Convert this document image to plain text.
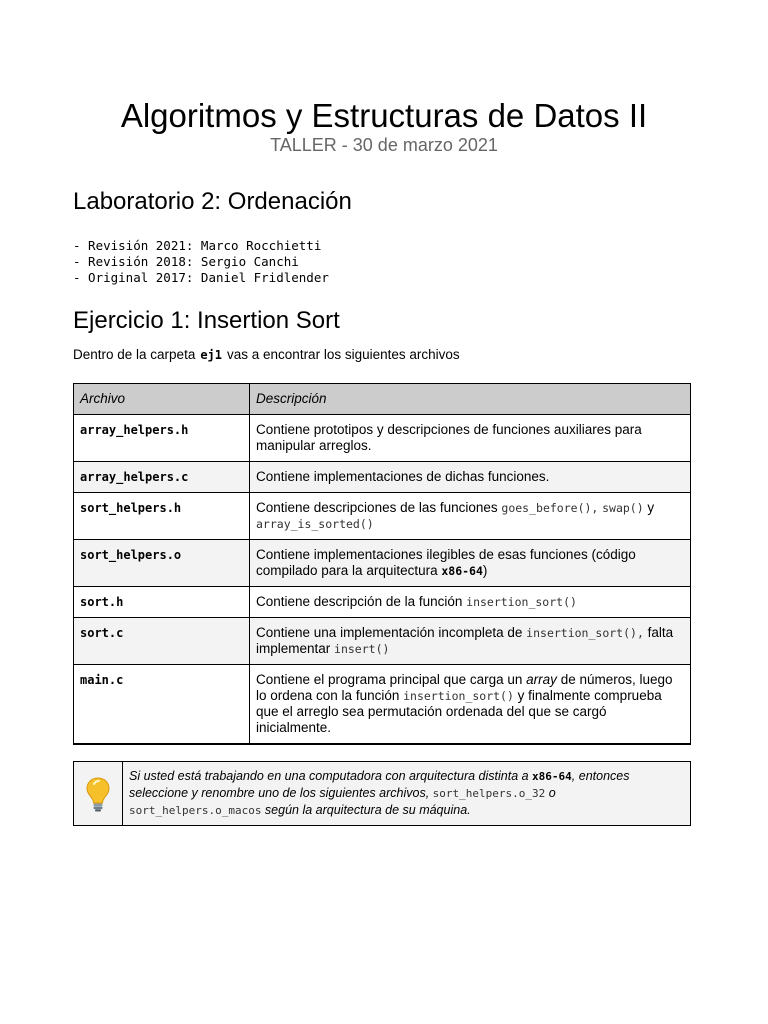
Algoritmos y Estructuras de Datos II
TALLER - 30 de marzo 2021
Laboratorio 2: Ordenación
- Revisión 2021: Marco Rocchietti
- Revisión 2018: Sergio Canchi
- Original 2017: Daniel Fridlender
Ejercicio 1: Insertion Sort
Dentro de la carpeta ej1 vas a encontrar los siguientes archivos
Archivo	Descripción
array_helpers.h	Contiene prototipos y descripciones de funciones auxiliares para manipular arreglos.
array_helpers.c	Contiene implementaciones de dichas funciones.
sort_helpers.h	Contiene descripciones de las funciones goes_before(), swap() y array_is_sorted()
sort_helpers.o	Contiene implementaciones ilegibles de esas funciones (código compilado para la arquitectura x86-64)
sort.h	Contiene descripción de la función insertion_sort()
sort.c	Contiene una implementación incompleta de insertion_sort(), falta implementar insert()
main.c	Contiene el programa principal que carga un array de números, luego lo ordena con la función insertion_sort() y finalmente comprueba que el arreglo sea permutación ordenada del que se cargó inicialmente.
Si usted está trabajando en una computadora con arquitectura distinta a x86-64, entonces seleccione y renombre uno de los siguientes archivos, sort_helpers.o_32 o sort_helpers.o_macos según la arquitectura de su máquina.
